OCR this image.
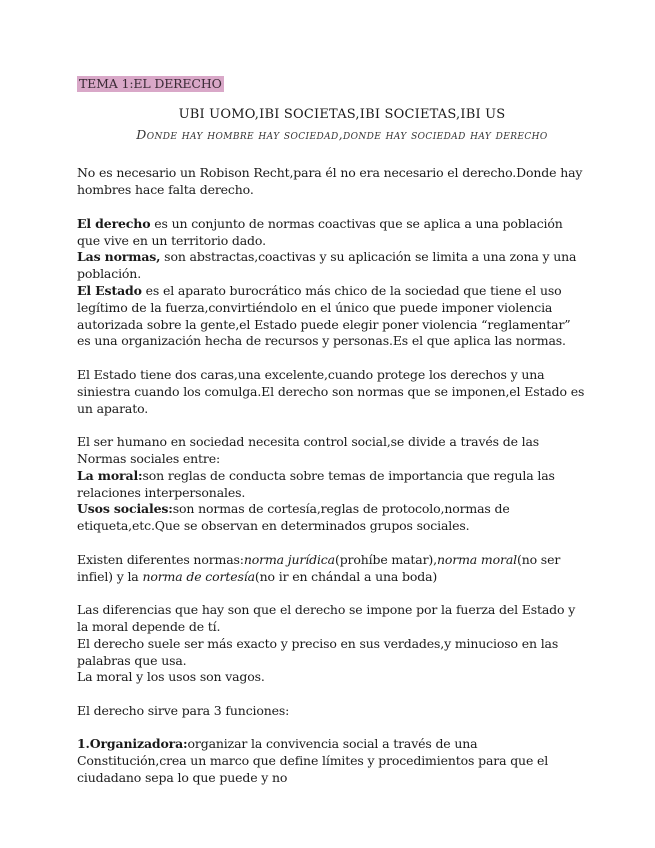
TEMA 1:EL DERECHO
UBI UOMO,IBI SOCIETAS,IBI SOCIETAS,IBI US
Donde hay hombre hay sociedad,donde hay sociedad hay derecho

No es necesario un Robison Recht,para él no era necesario el derecho.Donde hay hombres hace falta derecho.

El derecho es un conjunto de normas coactivas que se aplica a una población que vive en un territorio dado.

Las normas, son abstractas,coactivas y su aplicación se limita a una zona y una población.

El Estado es el aparato burocrático más chico de la sociedad que tiene el uso legítimo de la fuerza,convirtiéndolo en el único que puede imponer violencia autorizada sobre la gente,el Estado puede elegir poner violencia “reglamentar” es una organización hecha de recursos y personas.Es el que aplica las normas.

El Estado tiene dos caras,una excelente,cuando protege los derechos y una siniestra cuando los comulga.El derecho son normas que se imponen,el Estado es un aparato.

El ser humano en sociedad necesita control social,se divide a través de las Normas sociales entre:

La moral:son reglas de conducta sobre temas de importancia que regula las relaciones interpersonales.

Usos sociales:son normas de cortesía,reglas de protocolo,normas de etiqueta,etc.Que se observan en determinados grupos sociales.

Existen diferentes normas:norma jurídica(prohíbe matar),norma moral(no ser infiel) y la norma de cortesía(no ir en chándal a una boda)

Las diferencias que hay son que el derecho se impone por la fuerza del Estado y la moral depende de tí.

El derecho suele ser más exacto y preciso en sus verdades,y minucioso en las palabras que usa.

La moral y los usos son vagos.

El derecho sirve para 3 funciones:

1.Organizadora:organizar la convivencia social a través de una Constitución,crea un marco que define límites y procedimientos para que el ciudadano sepa lo que puede y no
